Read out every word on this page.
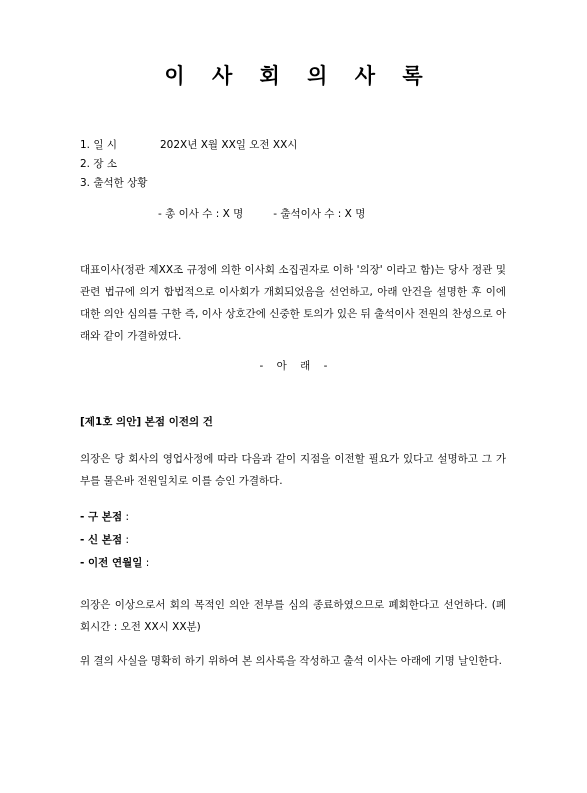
이 사 회 의 사 록
1. 일 시	202X년 X월 XX일 오전 XX시
2. 장 소
3. 출석한 상황
- 총 이사 수 : X 명	- 출석이사 수 : X 명

대표이사(정관 제XX조 규정에 의한 이사회 소집권자로 이하 '의장' 이라고 함)는 당사 정관 및 관련 법규에 의거 합법적으로 이사회가 개회되었음을 선언하고, 아래 안건을 설명한 후 이에 대한 의안 심의를 구한 즉, 이사 상호간에 신중한 토의가 있은 뒤 출석이사 전원의 찬성으로 아래와 같이 가결하였다.

- 아 래 -
[제1호 의안] 본점 이전의 건

의장은 당 회사의 영업사정에 따라 다음과 같이 지점을 이전할 필요가 있다고 설명하고 그 가부를 물은바 전원일치로 이를 승인 가결하다.

- 구 본점 :
- 신 본점 :
- 이전 연월일 :

의장은 이상으로서 회의 목적인 의안 전부를 심의 종료하였으므로 폐회한다고 선언하다. (폐회시간 : 오전 XX시 XX분)

위 결의 사실을 명확히 하기 위하여 본 의사록을 작성하고 출석 이사는 아래에 기명 날인한다.
